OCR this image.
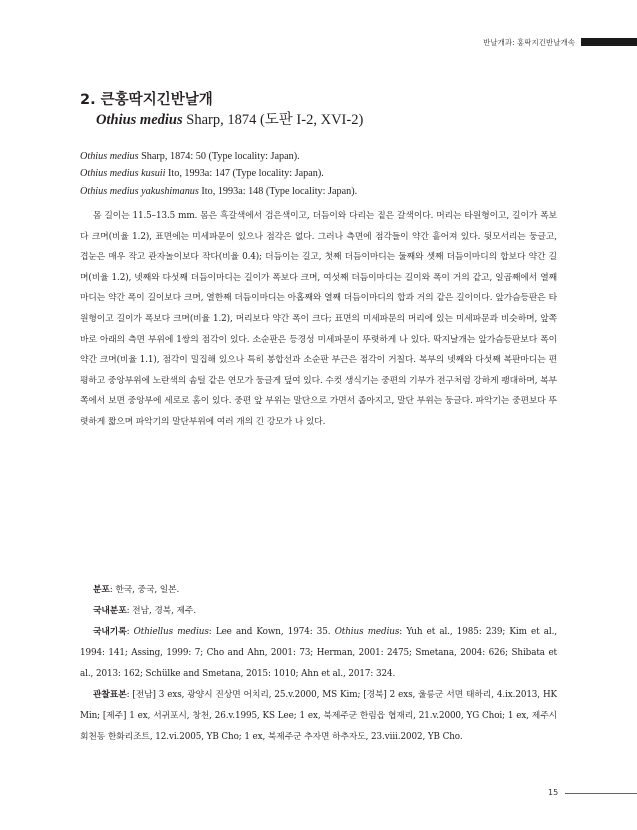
반날개과: 홍딱지긴반날개속
2. 큰홍딱지긴반날개
Othius medius Sharp, 1874 (도판 I-2, XVI-2)
Othius medius Sharp, 1874: 50 (Type locality: Japan).
Othius medius kusuii Ito, 1993a: 147 (Type locality: Japan).
Othius medius yakushimanus Ito, 1993a: 148 (Type locality: Japan).

몸 길이는 11.5–13.5 mm. 몸은 흑갈색에서 검은색이고, 더듬이와 다리는 짙은 갈색이다. 머리는 타원형이고, 길이가 폭보다 크며(비율 1.2), 표면에는 미세파문이 있으나 점각은 없다. 그러나 측면에 점각들이 약간 흩어져 있다. 뒷모서리는 둥글고, 겹눈은 매우 작고 관자놀이보다 작다(비율 0.4); 더듬이는 길고, 첫째 더듬이마디는 둘째와 셋째 더듬이마디의 합보다 약간 길며(비율 1.2), 넷째와 다섯째 더듬이마디는 길이가 폭보다 크며, 여섯째 더듬이마디는 길이와 폭이 거의 같고, 일곱째에서 열째 마디는 약간 폭이 길이보다 크며, 열한째 더듬이마디는 아홉째와 열째 더듬이마디의 합과 거의 같은 길이이다. 앞가슴등판은 타원형이고 길이가 폭보다 크며(비율 1.2), 머리보다 약간 폭이 크다; 표면의 미세파문의 머리에 있는 미세파문과 비슷하며, 앞쪽 바로 아래의 측면 부위에 1쌍의 점각이 있다. 소순판은 등경성 미세파문이 뚜렷하게 나 있다. 딱지날개는 앞가슴등판보다 폭이 약간 크며(비율 1.1), 점각이 밀집해 있으나 특히 봉합선과 소순판 부근은 점각이 거칠다. 복부의 넷째와 다섯째 복판마디는 편평하고 중앙부위에 노란색의 솜털 같은 연모가 둥글게 덮여 있다. 수컷 생식기는 중편의 기부가 전구처럼 강하게 팽대하며, 복부쪽에서 보면 중앙부에 세로로 홈이 있다. 중편 앞 부위는 말단으로 가면서 좁아지고, 말단 부위는 둥글다. 파악기는 중편보다 뚜렷하게 짧으며 파악기의 말단부위에 여러 개의 긴 강모가 나 있다.

분포: 한국, 중국, 일본.
국내분포: 전남, 경북, 제주.
국내기록: Othiellus medius: Lee and Kown, 1974: 35. Othius medius: Yuh et al., 1985: 239; Kim et al., 1994: 141; Assing, 1999: 7; Cho and Ahn, 2001: 73; Herman, 2001: 2475; Smetana, 2004: 626; Shibata et al., 2013: 162; Schülke and Smetana, 2015: 1010; Ahn et al., 2017: 324.
관찰표본: [전남] 3 exs, 광양시 진상면 어치리, 25.v.2000, MS Kim; [경북] 2 exs, 울릉군 서면 태하리, 4.ix.2013, HK Min; [제주] 1 ex, 서귀포시, 창천, 26.v.1995, KS Lee; 1 ex, 북제주군 한림읍 협재리, 21.v.2000, YG Choi; 1 ex, 제주시 회천동 한화리조트, 12.vi.2005, YB Cho; 1 ex, 북제주군 추자면 하추자도, 23.viii.2002, YB Cho.
15
